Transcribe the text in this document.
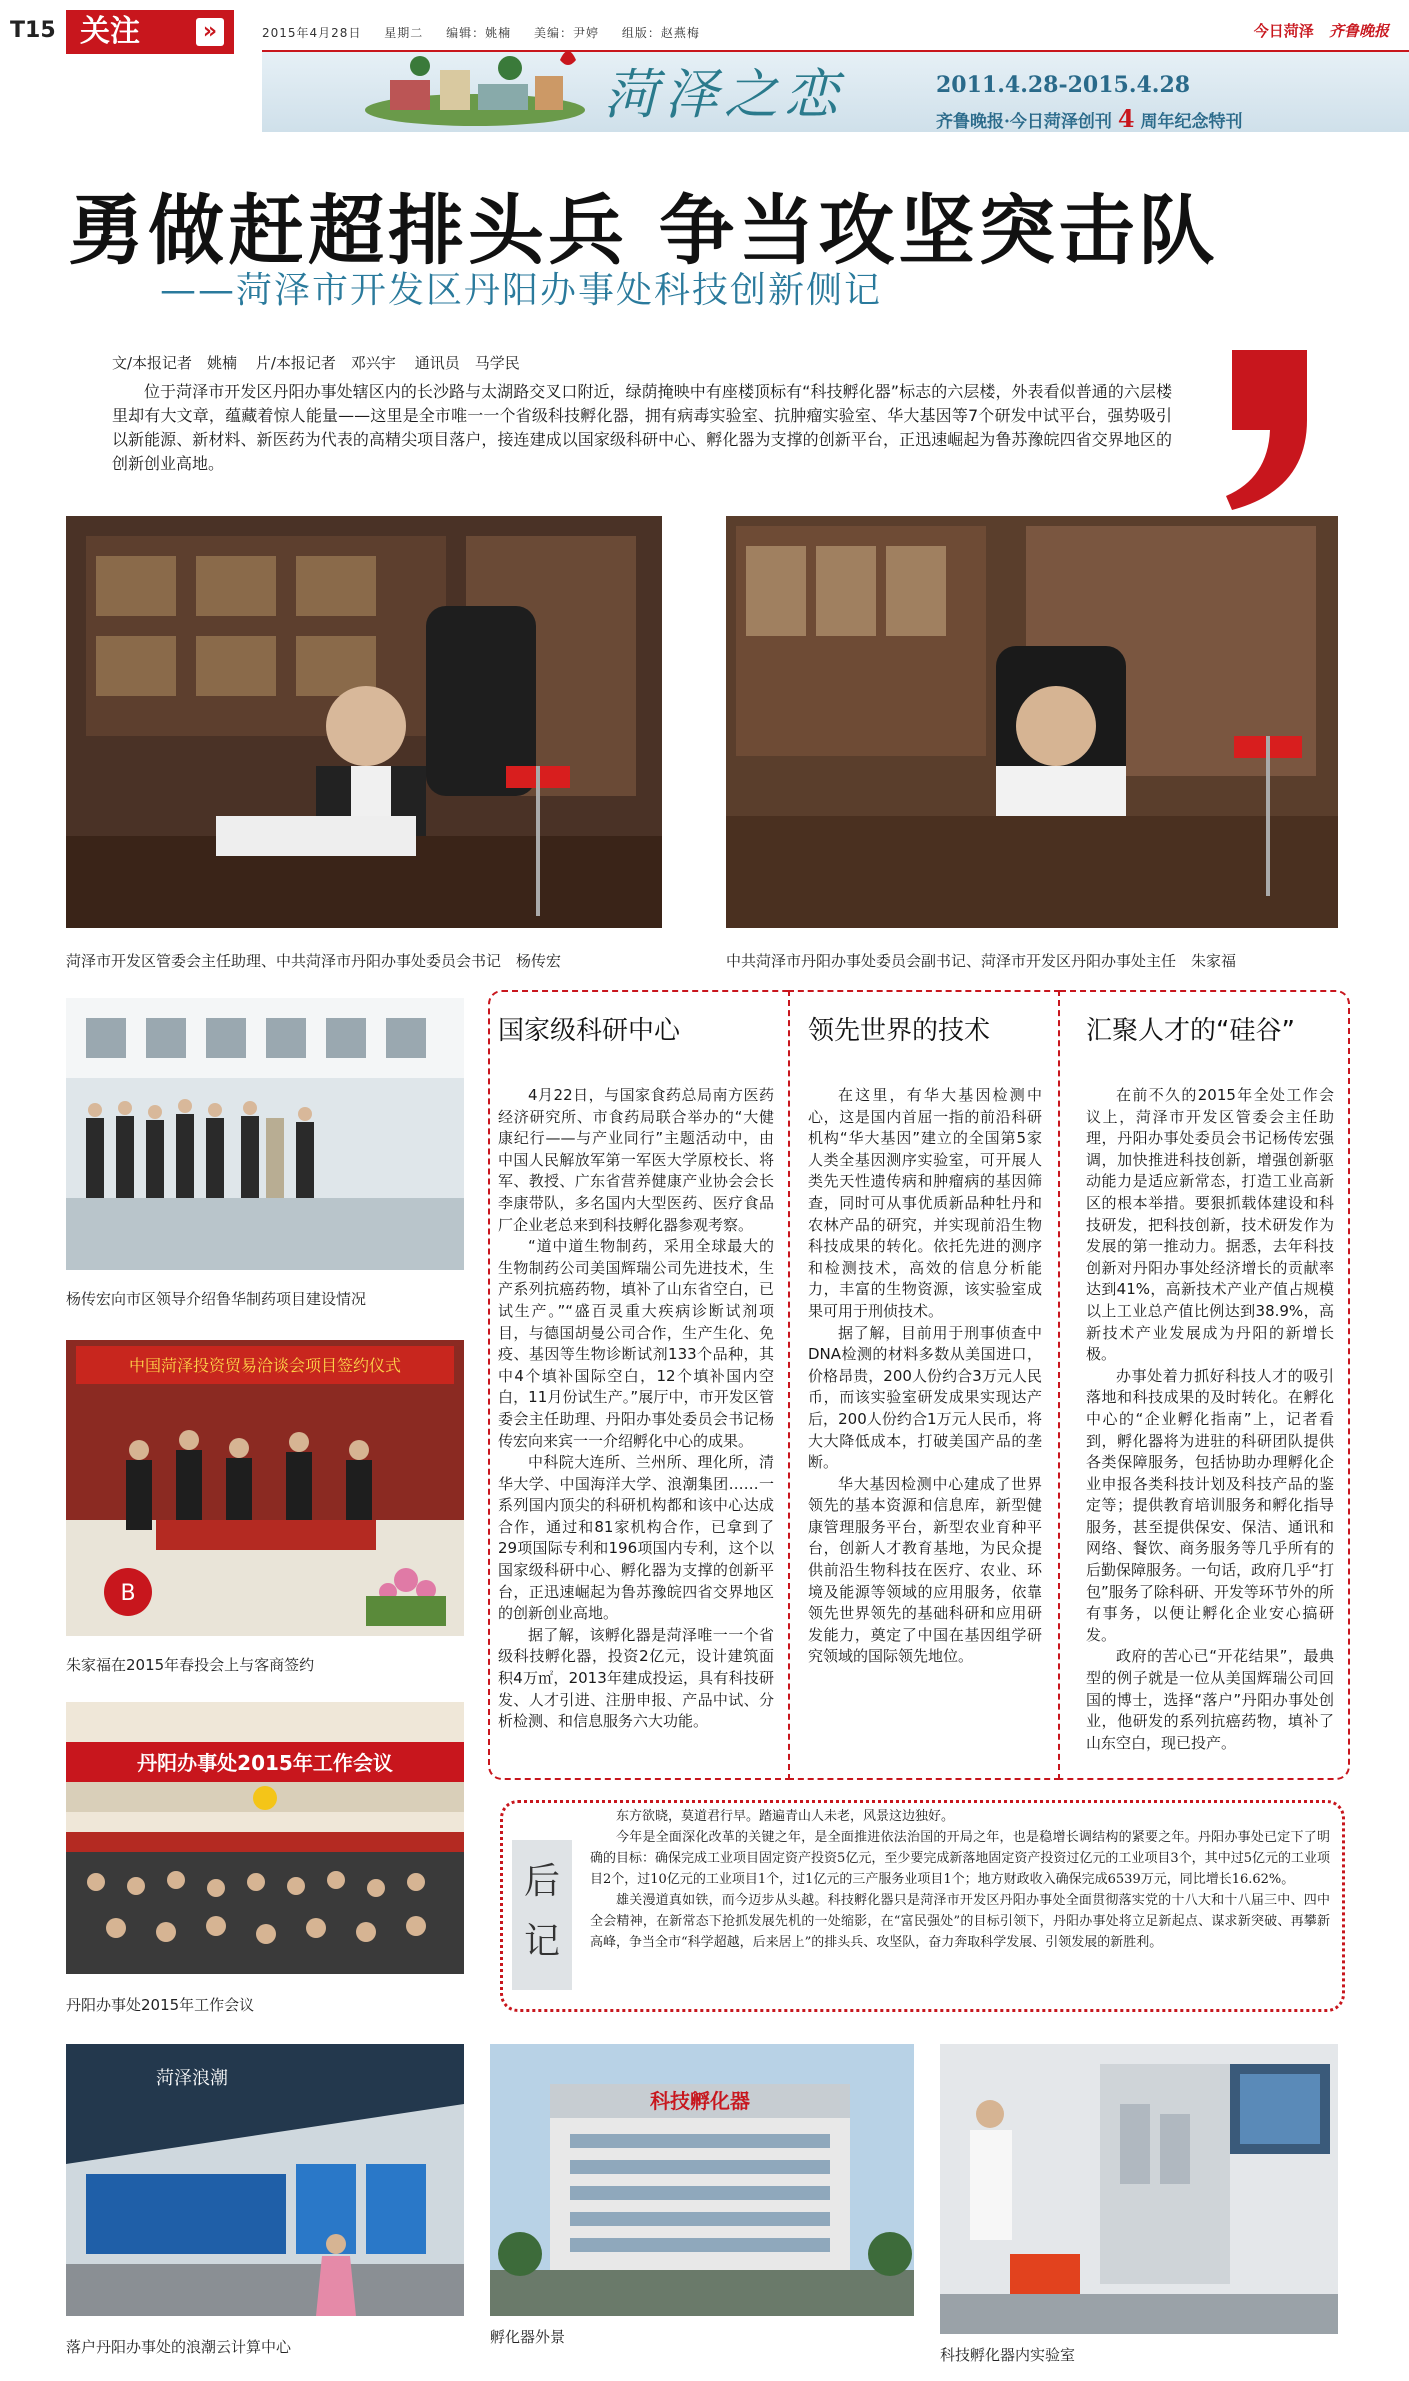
T15 关注	»	2015年4月28日 星期二 编辑：姚楠 美编：尹婷 组版：赵燕梅	今日菏泽 齐鲁晚报
菏泽之恋	2011.4.28-2015.4.28
齐鲁晚报·今日菏泽创刊 4 周年纪念特刊
勇做赶超排头兵 争当攻坚突击队
——菏泽市开发区丹阳办事处科技创新侧记
文/本报记者　姚楠 片/本报记者　邓兴宇 通讯员　马学民
位于菏泽市开发区丹阳办事处辖区内的长沙路与太湖路交叉口附近，绿荫掩映中有座楼顶标有“科技孵化器”标志的六层楼，外表看似普通的六层楼里却有大文章，蕴藏着惊人能量——这里是全市唯一一个省级科技孵化器，拥有病毒实验室、抗肿瘤实验室、华大基因等7个研发中试平台，强势吸引以新能源、新材料、新医药为代表的高精尖项目落户，接连建成以国家级科研中心、孵化器为支撑的创新平台，正迅速崛起为鲁苏豫皖四省交界地区的创新创业高地。
菏泽市开发区管委会主任助理、中共菏泽市丹阳办事处委员会书记　杨传宏	中共菏泽市丹阳办事处委员会副书记、菏泽市开发区丹阳办事处主任　朱家福
杨传宏向市区领导介绍鲁华制药项目建设情况
中国菏泽投资贸易洽谈会项目签约仪式
B
朱家福在2015年春投会上与客商签约
丹阳办事处2015年工作会议
丹阳办事处2015年工作会议
国家级科研中心

4月22日，与国家食药总局南方医药经济研究所、市食药局联合举办的“大健康纪行——与产业同行”主题活动中，由中国人民解放军第一军医大学原校长、将军、教授、广东省营养健康产业协会会长李康带队，多名国内大型医药、医疗食品厂企业老总来到科技孵化器参观考察。

“道中道生物制药，采用全球最大的生物制药公司美国辉瑞公司先进技术，生产系列抗癌药物，填补了山东省空白，已试生产。”“盛百灵重大疾病诊断试剂项目，与德国胡曼公司合作，生产生化、免疫、基因等生物诊断试剂133个品种，其中4个填补国际空白，12个填补国内空白，11月份试生产。”展厅中，市开发区管委会主任助理、丹阳办事处委员会书记杨传宏向来宾一一介绍孵化中心的成果。

中科院大连所、兰州所、理化所，清华大学、中国海洋大学、浪潮集团……一系列国内顶尖的科研机构都和该中心达成合作，通过和81家机构合作，已拿到了29项国际专利和196项国内专利，这个以国家级科研中心、孵化器为支撑的创新平台，正迅速崛起为鲁苏豫皖四省交界地区的创新创业高地。

据了解，该孵化器是菏泽唯一一个省级科技孵化器，投资2亿元，设计建筑面积4万㎡，2013年建成投运，具有科技研发、人才引进、注册申报、产品中试、分析检测、和信息服务六大功能。

领先世界的技术

在这里，有华大基因检测中心，这是国内首屈一指的前沿科研机构“华大基因”建立的全国第5家人类全基因测序实验室，可开展人类先天性遗传病和肿瘤病的基因筛查，同时可从事优质新品种牡丹和农林产品的研究，并实现前沿生物科技成果的转化。依托先进的测序和检测技术，高效的信息分析能力，丰富的生物资源，该实验室成果可用于刑侦技术。

据了解，目前用于刑事侦查中DNA检测的材料多数从美国进口，价格昂贵，200人份约合3万元人民币，而该实验室研发成果实现达产后，200人份约合1万元人民币，将大大降低成本，打破美国产品的垄断。

华大基因检测中心建成了世界领先的基本资源和信息库，新型健康管理服务平台，新型农业育种平台，创新人才教育基地，为民众提供前沿生物科技在医疗、农业、环境及能源等领域的应用服务，依靠领先世界领先的基础科研和应用研发能力，奠定了中国在基因组学研究领域的国际领先地位。

汇聚人才的“硅谷”

在前不久的2015年全处工作会议上，菏泽市开发区管委会主任助理，丹阳办事处委员会书记杨传宏强调，加快推进科技创新，增强创新驱动能力是适应新常态，打造工业高新区的根本举措。要狠抓载体建设和科技研发，把科技创新，技术研发作为发展的第一推动力。据悉，去年科技创新对丹阳办事处经济增长的贡献率达到41%，高新技术产业产值占规模以上工业总产值比例达到38.9%，高新技术产业发展成为丹阳的新增长极。

办事处着力抓好科技人才的吸引落地和科技成果的及时转化。在孵化中心的“企业孵化指南”上，记者看到，孵化器将为进驻的科研团队提供各类保障服务，包括协助办理孵化企业申报各类科技计划及科技产品的鉴定等；提供教育培训服务和孵化指导服务，甚至提供保安、保洁、通讯和网络、餐饮、商务服务等几乎所有的后勤保障服务。一句话，政府几乎“打包”服务了除科研、开发等环节外的所有事务，以便让孵化企业安心搞研发。

政府的苦心已“开花结果”，最典型的例子就是一位从美国辉瑞公司回国的博士，选择“落户”丹阳办事处创业，他研发的系列抗癌药物，填补了山东空白，现已投产。

后记

东方欲晓，莫道君行早。踏遍青山人未老，风景这边独好。

今年是全面深化改革的关键之年，是全面推进依法治国的开局之年，也是稳增长调结构的紧要之年。丹阳办事处已定下了明确的目标：确保完成工业项目固定资产投资5亿元，至少要完成新落地固定资产投资过亿元的工业项目3个，其中过5亿元的工业项目2个，过10亿元的工业项目1个，过1亿元的三产服务业项目1个；地方财政收入确保完成6539万元，同比增长16.62%。

雄关漫道真如铁，而今迈步从头越。科技孵化器只是菏泽市开发区丹阳办事处全面贯彻落实党的十八大和十八届三中、四中全会精神，在新常态下抢抓发展先机的一处缩影，在“富民强处”的目标引领下，丹阳办事处将立足新起点、谋求新突破、再攀新高峰，争当全市“科学超越，后来居上”的排头兵、攻坚队，奋力奔取科学发展、引领发展的新胜利。

菏泽浪潮
落户丹阳办事处的浪潮云计算中心
科技孵化器
孵化器外景
科技孵化器内实验室
